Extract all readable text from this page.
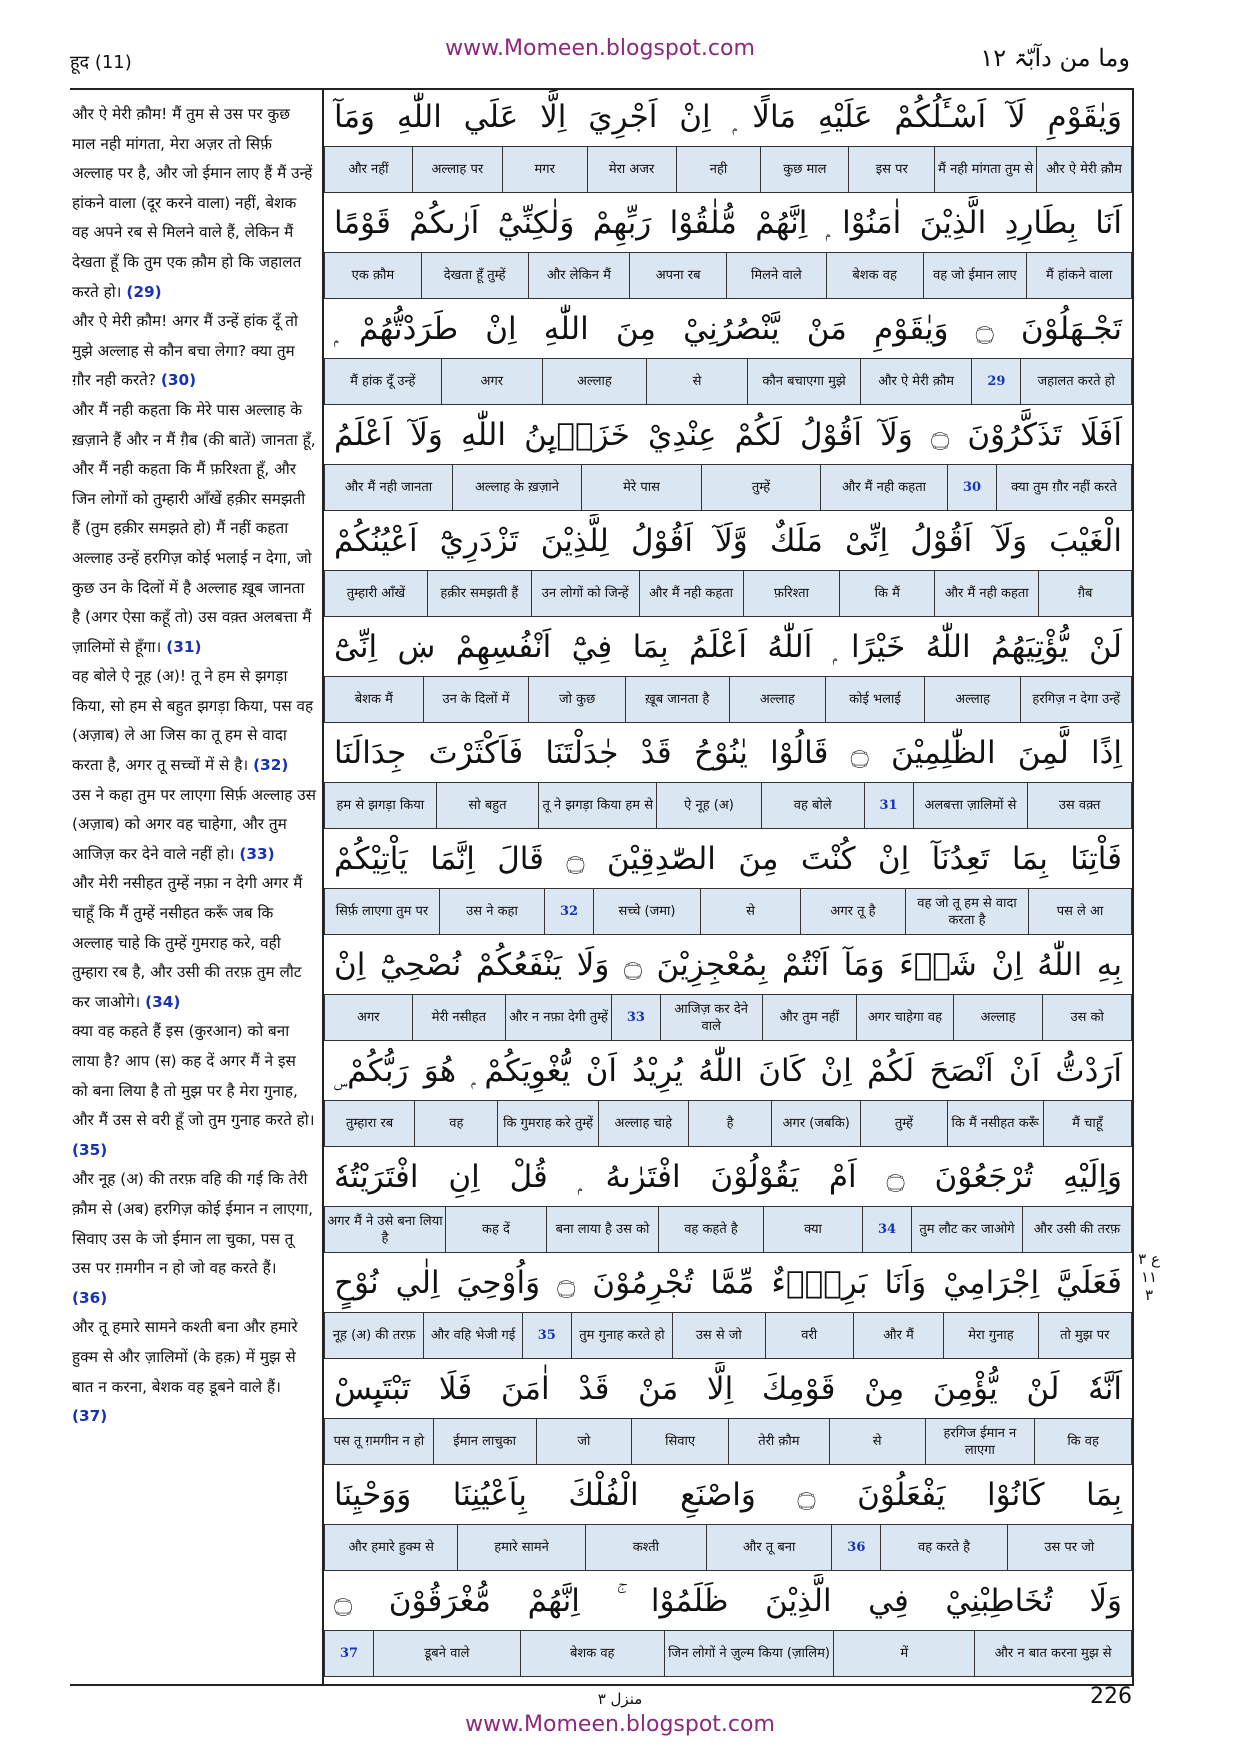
हूद (11)
www.Momeen.blogspot.com	وما من دآبّۃ ١٢
और ऐ मेरी क़ौम! मैं तुम से उस पर कुछ माल नही मांगता, मेरा अज़र तो सिर्फ़ अल्लाह पर है, और जो ईमान लाए हैं मैं उन्हें हांकने वाला (दूर करने वाला) नहीं, बेशक वह अपने रब से मिलने वाले हैं, लेकिन मैं देखता हूँ कि तुम एक क़ौम हो कि जहालत करते हो। (29)
और ऐ मेरी क़ौम! अगर मैं उन्हें हांक दूँ तो मुझे अल्लाह से कौन बचा लेगा? क्या तुम ग़ौर नही करते? (30)
और मैं नही कहता कि मेरे पास अल्लाह के ख़ज़ाने हैं और न मैं ग़ैब (की बातें) जानता हूँ, और मैं नही कहता कि मैं फ़रिश्ता हूँ, और जिन लोगों को तुम्हारी आँखें हक़ीर समझती हैं (तुम हक़ीर समझते हो) मैं नहीं कहता अल्लाह उन्हें हरगिज़ कोई भलाई न देगा, जो कुछ उन के दिलों में है अल्लाह ख़ूब जानता है (अगर ऐसा कहूँ तो) उस वक़्त अलबत्ता मैं ज़ालिमों से हूँगा। (31)
वह बोले ऐ नूह (अ)! तू ने हम से झगड़ा किया, सो हम से बहुत झगड़ा किया, पस वह (अज़ाब) ले आ जिस का तू हम से वादा करता है, अगर तू सच्चों में से है। (32)
उस ने कहा तुम पर लाएगा सिर्फ़ अल्लाह उस (अज़ाब) को अगर वह चाहेगा, और तुम आजिज़ कर देने वाले नहीं हो। (33)
और मेरी नसीहत तुम्हें नफ़ा न देगी अगर मैं चाहूँ कि मैं तुम्हें नसीहत करूँ जब कि अल्लाह चाहे कि तुम्हें गुमराह करे, वही तुम्हारा रब है, और उसी की तरफ़ तुम लौट कर जाओगे। (34)
क्या वह कहते हैं इस (कुरआन) को बना लाया है? आप (स) कह दें अगर मैं ने इस को बना लिया है तो मुझ पर है मेरा गुनाह, और मैं उस से वरी हूँ जो तुम गुनाह करते हो। (35)
और नूह (अ) की तरफ़ वहि की गई कि तेरी क़ौम से (अब) हरगिज़ कोई ईमान न लाएगा, सिवाए उस के जो ईमान ला चुका, पस तू उस पर ग़मगीन न हो जो वह करते हैं। (36)
और तू हमारे सामने कश्ती बना और हमारे हुक्म से और ज़ालिमों (के हक़) में मुझ से बात न करना, बेशक वह डूबने वाले हैं। (37)

وَيٰقَوْمِ لَآ اَسْـَٔلُكُمْ عَلَيْهِ مَالًا ۭ اِنْ اَجْرِيَ اِلَّا عَلَي اللّٰهِ وَمَآ
और ऐ मेरी क़ौम
मैं नही मांगता तुम से
इस पर
कुछ माल
नही
मेरा अजर
मगर
अल्लाह पर
और नहीं
اَنَا بِطَارِدِ الَّذِيْنَ اٰمَنُوْا ۭ اِنَّهُمْ مُّلٰقُوْا رَبِّهِمْ وَلٰكِنِّيْٓ اَرٰىكُمْ قَوْمًا
मैं हांकने वाला
वह जो ईमान लाए
बेशक वह
मिलने वाले
अपना रब
और लेकिन मैं
देखता हूँ तुम्हें
एक क़ौम
تَجْـهَلُوْنَ ۝ وَيٰقَوْمِ مَنْ يَّنْصُرُنِيْ مِنَ اللّٰهِ اِنْ طَرَدْتُّهُمْ ۭ
जहालत करते हो
29
और ऐ मेरी क़ौम
कौन बचाएगा मुझे
से
अल्लाह
अगर
मैं हांक दूँ उन्हें
اَفَلَا تَذَكَّرُوْنَ ۝ وَلَآ اَقُوْلُ لَكُمْ عِنْدِيْ خَزَاۗىِٕنُ اللّٰهِ وَلَآ اَعْلَمُ
क्या तुम ग़ौर नहीं करते
30
और मैं नही कहता
तुम्हें
मेरे पास
अल्लाह के ख़ज़ाने
और मैं नही जानता
الْغَيْبَ وَلَآ اَقُوْلُ اِنِّىْ مَلَكٌ وَّلَآ اَقُوْلُ لِلَّذِيْنَ تَزْدَرِيْٓ اَعْيُنُكُمْ
ग़ैब
और मैं नही कहता
कि मैं
फ़रिश्ता
और मैं नही कहता
उन लोगों को जिन्हें
हक़ीर समझती हैं
तुम्हारी आँखें
لَنْ يُّؤْتِيَهُمُ اللّٰهُ خَيْرًا ۭ اَللّٰهُ اَعْلَمُ بِمَا فِيْٓ اَنْفُسِهِمْ ښ اِنِّىْٓ
हरगिज़ न देगा उन्हें
अल्लाह
कोई भलाई
अल्लाह
ख़ूब जानता है
जो कुछ
उन के दिलों में
बेशक मैं
اِذًا لَّمِنَ الظّٰلِمِيْنَ ۝ قَالُوْا يٰنُوْحُ قَدْ جٰدَلْتَنَا فَاَكْثَرْتَ جِدَالَنَا
उस वक़्त
अलबत्ता ज़ालिमों से
31
वह बोले
ऐ नूह (अ)
तू ने झगड़ा किया हम से
सो बहुत
हम से झगड़ा किया
فَاْتِنَا بِمَا تَعِدُنَآ اِنْ كُنْتَ مِنَ الصّٰدِقِيْنَ ۝ قَالَ اِنَّمَا يَاْتِيْكُمْ
पस ले आ
वह जो तू हम से वादा करता है
अगर तू है
से
सच्चे (जमा)
32
उस ने कहा
सिर्फ़ लाएगा तुम पर
بِهِ اللّٰهُ اِنْ شَاۗءَ وَمَآ اَنْتُمْ بِمُعْجِزِيْنَ ۝ وَلَا يَنْفَعُكُمْ نُصْحِيْٓ اِنْ
उस को
अल्लाह
अगर चाहेगा वह
और तुम नहीं
आजिज़ कर देने वाले
33
और न नफ़ा देगी तुम्हें
मेरी नसीहत
अगर
اَرَدْتُّ اَنْ اَنْصَحَ لَكُمْ اِنْ كَانَ اللّٰهُ يُرِيْدُ اَنْ يُّغْوِيَكُمْ ۭ هُوَ رَبُّكُمْ ۣ
मैं चाहूँ
कि मैं नसीहत करूँ
तुम्हें
अगर (जबकि)
है
अल्लाह चाहे
कि गुमराह करे तुम्हें
वह
तुम्हारा रब
وَاِلَيْهِ تُرْجَعُوْنَ ۝ اَمْ يَقُوْلُوْنَ افْتَرٰىهُ ۭ قُلْ اِنِ افْتَرَيْتُهٗ
और उसी की तरफ़
तुम लौट कर जाओगे
34
क्या
वह कहते है
बना लाया है उस को
कह दें
अगर मैं ने उसे बना लिया है
فَعَلَيَّ اِجْرَامِيْ وَاَنَا بَرِيْۗءٌ مِّمَّا تُجْرِمُوْنَ ۝ وَاُوْحِيَ اِلٰي نُوْحٍ
तो मुझ पर
मेरा गुनाह
और मैं
वरी
उस से जो
तुम गुनाह करते हो
35
और वहि भेजी गई
नूह (अ) की तरफ़
اَنَّهٗ لَنْ يُّؤْمِنَ مِنْ قَوْمِكَ اِلَّا مَنْ قَدْ اٰمَنَ فَلَا تَبْتَىِٕسْ
कि वह
हरगिज ईमान न लाएगा
से
तेरी क़ौम
सिवाए
जो
ईमान लाचुका
पस तू ग़मगीन न हो
بِمَا كَانُوْا يَفْعَلُوْنَ ۝ وَاصْنَعِ الْفُلْكَ بِاَعْيُنِنَا وَوَحْيِنَا
उस पर जो
वह करते है
36
और तू बना
कश्ती
हमारे सामने
और हमारे हुक्म से
وَلَا تُخَاطِبْنِيْ فِي الَّذِيْنَ ظَلَمُوْا ۚ اِنَّهُمْ مُّغْرَقُوْنَ ۝
और न बात करना मुझ से
में
जिन लोगों ने ज़ुल्म किया (ज़ालिम)
बेशक वह
डूबने वाले
37
ع ٣ ١١ ٣
منزل ٣	226
www.Momeen.blogspot.com
